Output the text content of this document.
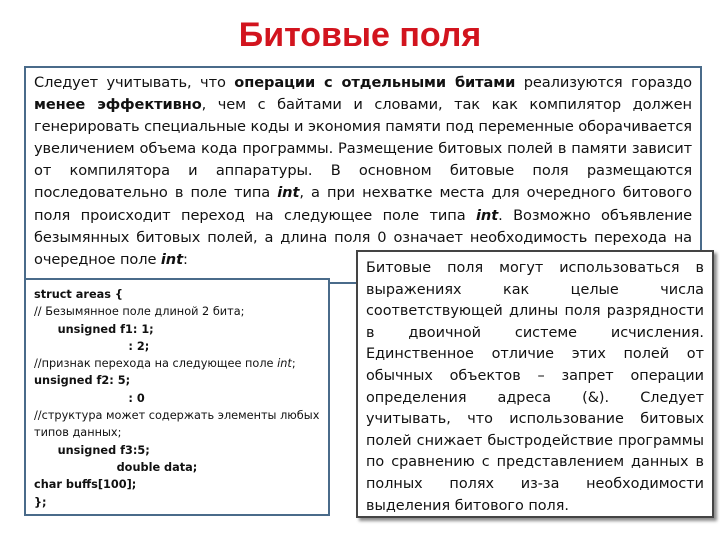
Битовые поля

Следует учитывать, что операции с отдельными битами реализуются гораздо менее эффективно, чем с байтами и словами, так как компилятор должен генерировать специальные коды и экономия памяти под переменные оборачивается увеличением объема кода программы. Размещение битовых полей в памяти зависит от компилятора и аппаратуры. В основном битовые поля размещаются последовательно в поле типа int, а при нехватке места для очередного битового поля происходит переход на следующее поле типа int. Возможно объявление безымянных битовых полей, а длина поля 0 означает необходимость перехода на очередное поле int:

struct areas {
// Безымянное поле длиной 2 бита;
unsigned f1: 1;
: 2;
//признак перехода на следующее поле int;
unsigned f2: 5;
: 0
//структура может содержать элементы любых
типов данных;
unsigned f3:5;
double data;
char buffs[100];
};

Битовые поля могут использоваться в выражениях как целые числа соответствующей длины поля разрядности в двоичной системе исчисления. Единственное отличие этих полей от обычных объектов – запрет операции определения адреса (&). Следует учитывать, что использование битовых полей снижает быстродействие программы по сравнению с представлением данных в полных полях из-за необходимости выделения битового поля.
